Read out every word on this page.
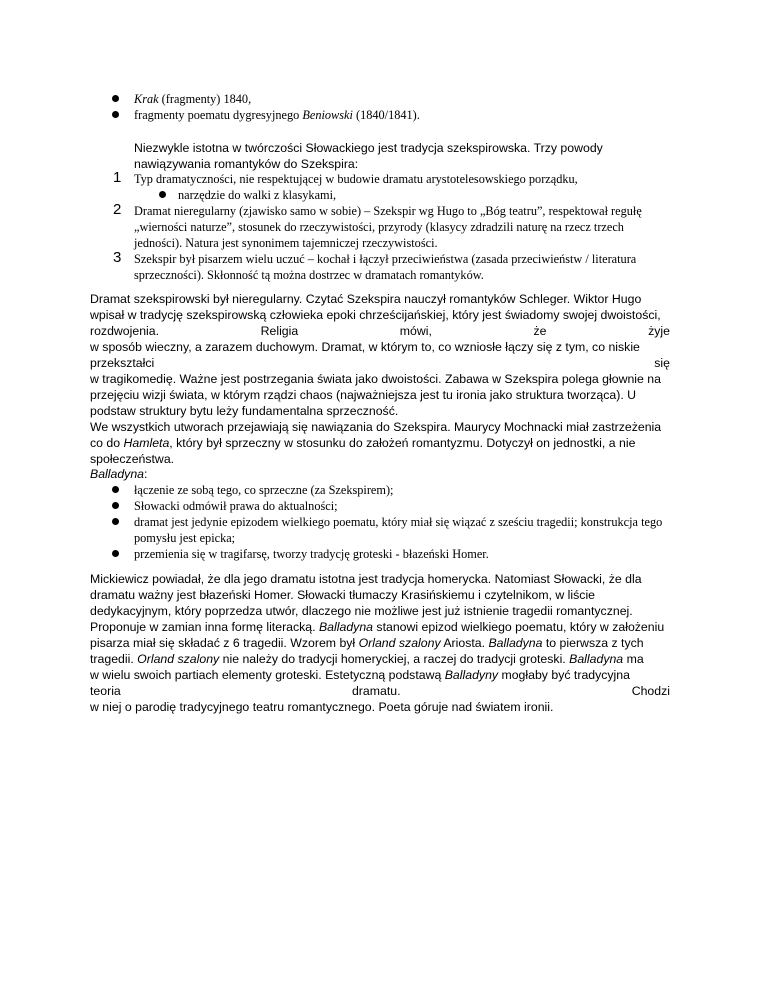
Krak (fragmenty) 1840,
fragmenty poematu dygresyjnego Beniowski (1840/1841).
Niezwykle istotna w twórczości Słowackiego jest tradycja szekspirowska. Trzy powody
nawiązywania romantyków do Szekspira:
1 Typ dramatyczności, nie respektującej w budowie dramatu arystotelesowskiego porządku,
narzędzie do walki z klasykami,
2 Dramat nieregularny (zjawisko samo w sobie) – Szekspir wg Hugo to „Bóg teatru”, respektował regułę
„wierności naturze”, stosunek do rzeczywistości, przyrody (klasycy zdradzili naturę na rzecz trzech
jedności). Natura jest synonimem tajemniczej rzeczywistości.
3 Szekspir był pisarzem wielu uczuć – kochał i łączył przeciwieństwa (zasada przeciwieństw / literatura
sprzeczności). Skłonność tą można dostrzec w dramatach romantyków.
Dramat szekspirowski był nieregularny. Czytać Szekspira nauczył romantyków Schleger. Wiktor Hugo
wpisał w tradycję szekspirowską człowieka epoki chrześcijańskiej, który jest świadomy swojej dwoistości,
rozdwojenia.	Religia	mówi,	że	żyje
w sposób wieczny, a zarazem duchowym. Dramat, w którym to, co wzniosłe łączy się z tym, co niskie
przekształci	się
w tragikomedię. Ważne jest postrzegania świata jako dwoistości. Zabawa w Szekspira polega głownie na
przejęciu wizji świata, w którym rządzi chaos (najważniejsza jest tu ironia jako struktura tworząca). U
podstaw struktury bytu leży fundamentalna sprzeczność.
We wszystkich utworach przejawiają się nawiązania do Szekspira. Maurycy Mochnacki miał zastrzeżenia
co do Hamleta, który był sprzeczny w stosunku do założeń romantyzmu. Dotyczył on jednostki, a nie
społeczeństwa.
Balladyna:
łączenie ze sobą tego, co sprzeczne (za Szekspirem);
Słowacki odmówił prawa do aktualności;
dramat jest jedynie epizodem wielkiego poematu, który miał się wiązać z sześciu tragedii; konstrukcja tego
pomysłu jest epicka;
przemienia się w tragifarsę, tworzy tradycję groteski - błazeński Homer.
Mickiewicz powiadał, że dla jego dramatu istotna jest tradycja homerycka. Natomiast Słowacki, że dla
dramatu ważny jest błazeński Homer. Słowacki tłumaczy Krasińskiemu i czytelnikom, w liście
dedykacyjnym, który poprzedza utwór, dlaczego nie możliwe jest już istnienie tragedii romantycznej.
Proponuje w zamian inna formę literacką. Balladyna stanowi epizod wielkiego poematu, który w założeniu
pisarza miał się składać z 6 tragedii. Wzorem był Orland szalony Ariosta. Balladyna to pierwsza z tych
tragedii. Orland szalony nie należy do tradycji homeryckiej, a raczej do tradycji groteski. Balladyna ma
w wielu swoich partiach elementy groteski. Estetyczną podstawą Balladyny mogłaby być tradycyjna
teoria	dramatu.	Chodzi
w niej o parodię tradycyjnego teatru romantycznego. Poeta góruje nad światem ironii.
